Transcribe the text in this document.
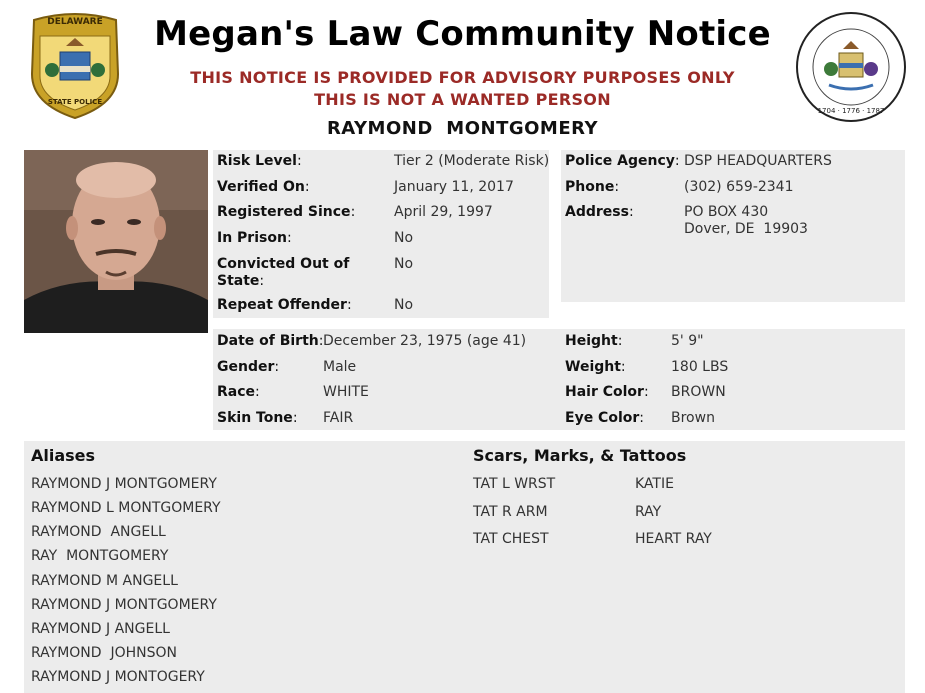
DELAWARE
STATE POLICE
1704 · 1776 · 1787
Megan's Law Community Notice
THIS NOTICE IS PROVIDED FOR ADVISORY PURPOSES ONLY
THIS IS NOT A WANTED PERSON
RAYMOND  MONTGOMERY
Risk Level:	Tier 2 (Moderate Risk)
Verified On:	January 11, 2017
Registered Since:	April 29, 1997
In Prison:	No
Convicted Out of
State:
No
Repeat Offender:	No
Police Agency: DSP HEADQUARTERS
Phone:	(302) 659-2341
Address:	PO BOX 430
Dover, DE  19903
Date of Birth: December 23, 1975 (age 41)
Gender:	Male
Race:	WHITE
Skin Tone: FAIR
Height:	5' 9"
Weight:	180 LBS
Hair Color: BROWN
Eye Color: Brown
Aliases
RAYMOND J MONTGOMERY
RAYMOND L MONTGOMERY
RAYMOND  ANGELL
RAY  MONTGOMERY
RAYMOND M ANGELL
RAYMOND J MONTGOMERY
RAYMOND J ANGELL
RAYMOND  JOHNSON
RAYMOND J MONTOGERY
Scars, Marks, & Tattoos
TAT L WRST	KATIE
TAT R ARM	RAY
TAT CHEST	HEART RAY
